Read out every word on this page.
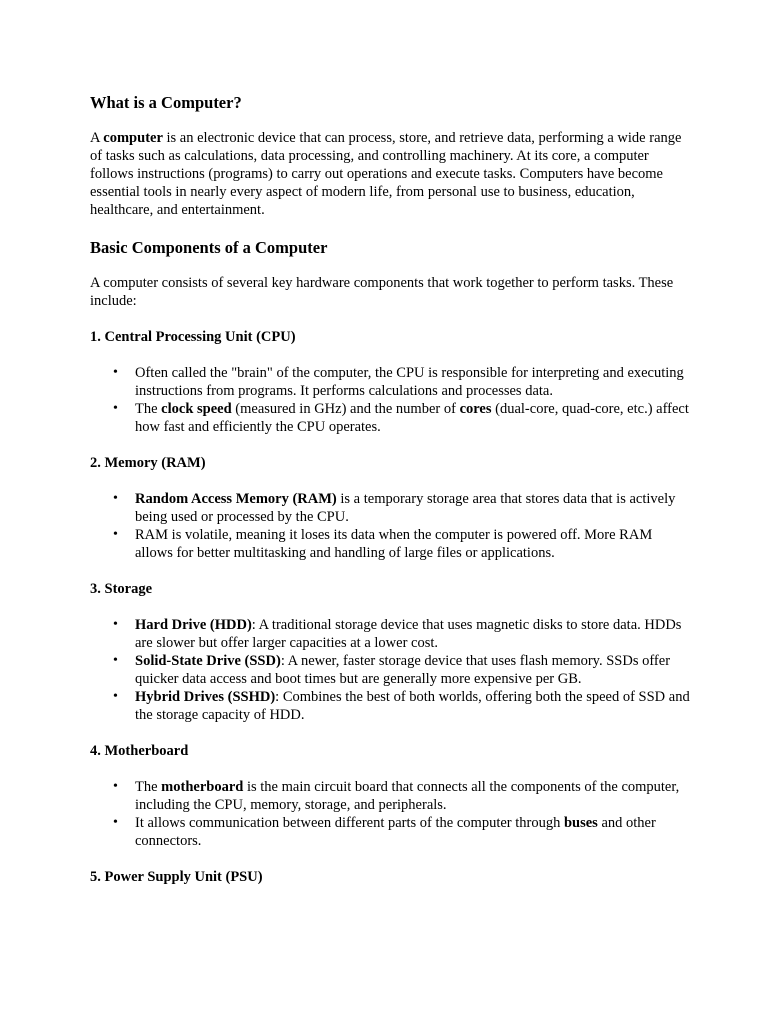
What is a Computer?

A computer is an electronic device that can process, store, and retrieve data, performing a wide range of tasks such as calculations, data processing, and controlling machinery. At its core, a computer follows instructions (programs) to carry out operations and execute tasks. Computers have become essential tools in nearly every aspect of modern life, from personal use to business, education, healthcare, and entertainment.

Basic Components of a Computer

A computer consists of several key hardware components that work together to perform tasks. These include:

1. Central Processing Unit (CPU)
• Often called the "brain" of the computer, the CPU is responsible for interpreting and executing instructions from programs. It performs calculations and processes data.
• The clock speed (measured in GHz) and the number of cores (dual-core, quad-core, etc.) affect how fast and efficiently the CPU operates.
2. Memory (RAM)
• Random Access Memory (RAM) is a temporary storage area that stores data that is actively being used or processed by the CPU.
• RAM is volatile, meaning it loses its data when the computer is powered off. More RAM allows for better multitasking and handling of large files or applications.
3. Storage
• Hard Drive (HDD): A traditional storage device that uses magnetic disks to store data. HDDs are slower but offer larger capacities at a lower cost.
• Solid-State Drive (SSD): A newer, faster storage device that uses flash memory. SSDs offer quicker data access and boot times but are generally more expensive per GB.
• Hybrid Drives (SSHD): Combines the best of both worlds, offering both the speed of SSD and the storage capacity of HDD.
4. Motherboard
• The motherboard is the main circuit board that connects all the components of the computer, including the CPU, memory, storage, and peripherals.
• It allows communication between different parts of the computer through buses and other connectors.
5. Power Supply Unit (PSU)
